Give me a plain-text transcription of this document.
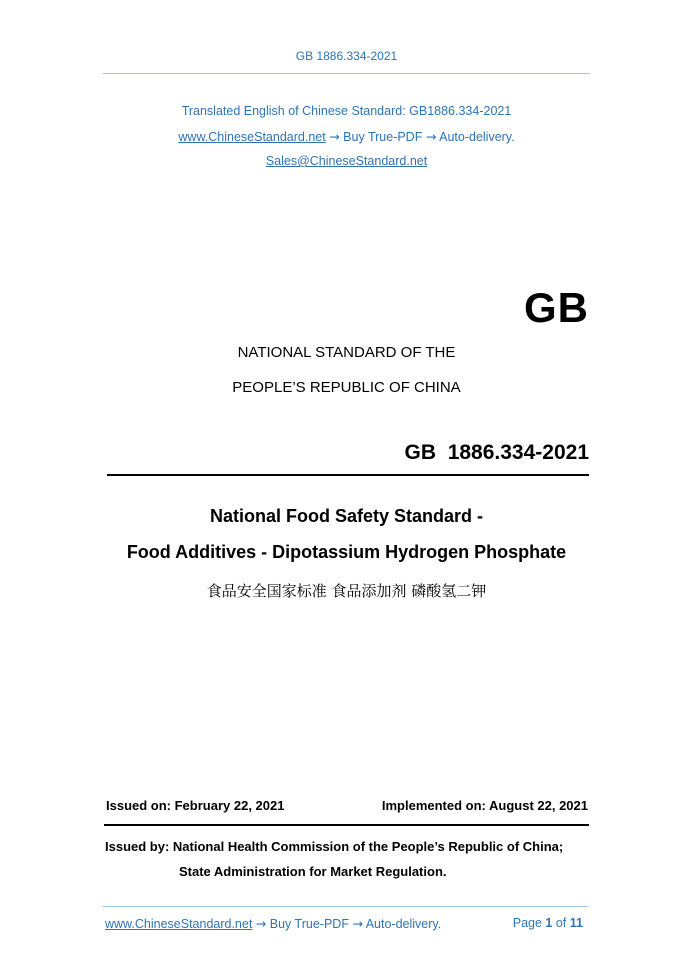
GB 1886.334-2021
Translated English of Chinese Standard: GB1886.334-2021
www.ChineseStandard.net → Buy True-PDF → Auto-delivery.
Sales@ChineseStandard.net
GB
NATIONAL STANDARD OF THE
PEOPLE’S REPUBLIC OF CHINA
GB  1886.334-2021
National Food Safety Standard -
Food Additives - Dipotassium Hydrogen Phosphate
食品安全国家标准 食品添加剂 磷酸氢二钾
Issued on: February 22, 2021	Implemented on: August 22, 2021
Issued by: National Health Commission of the People’s Republic of China;
State Administration for Market Regulation.
www.ChineseStandard.net → Buy True-PDF → Auto-delivery.	Page 1 of 11
